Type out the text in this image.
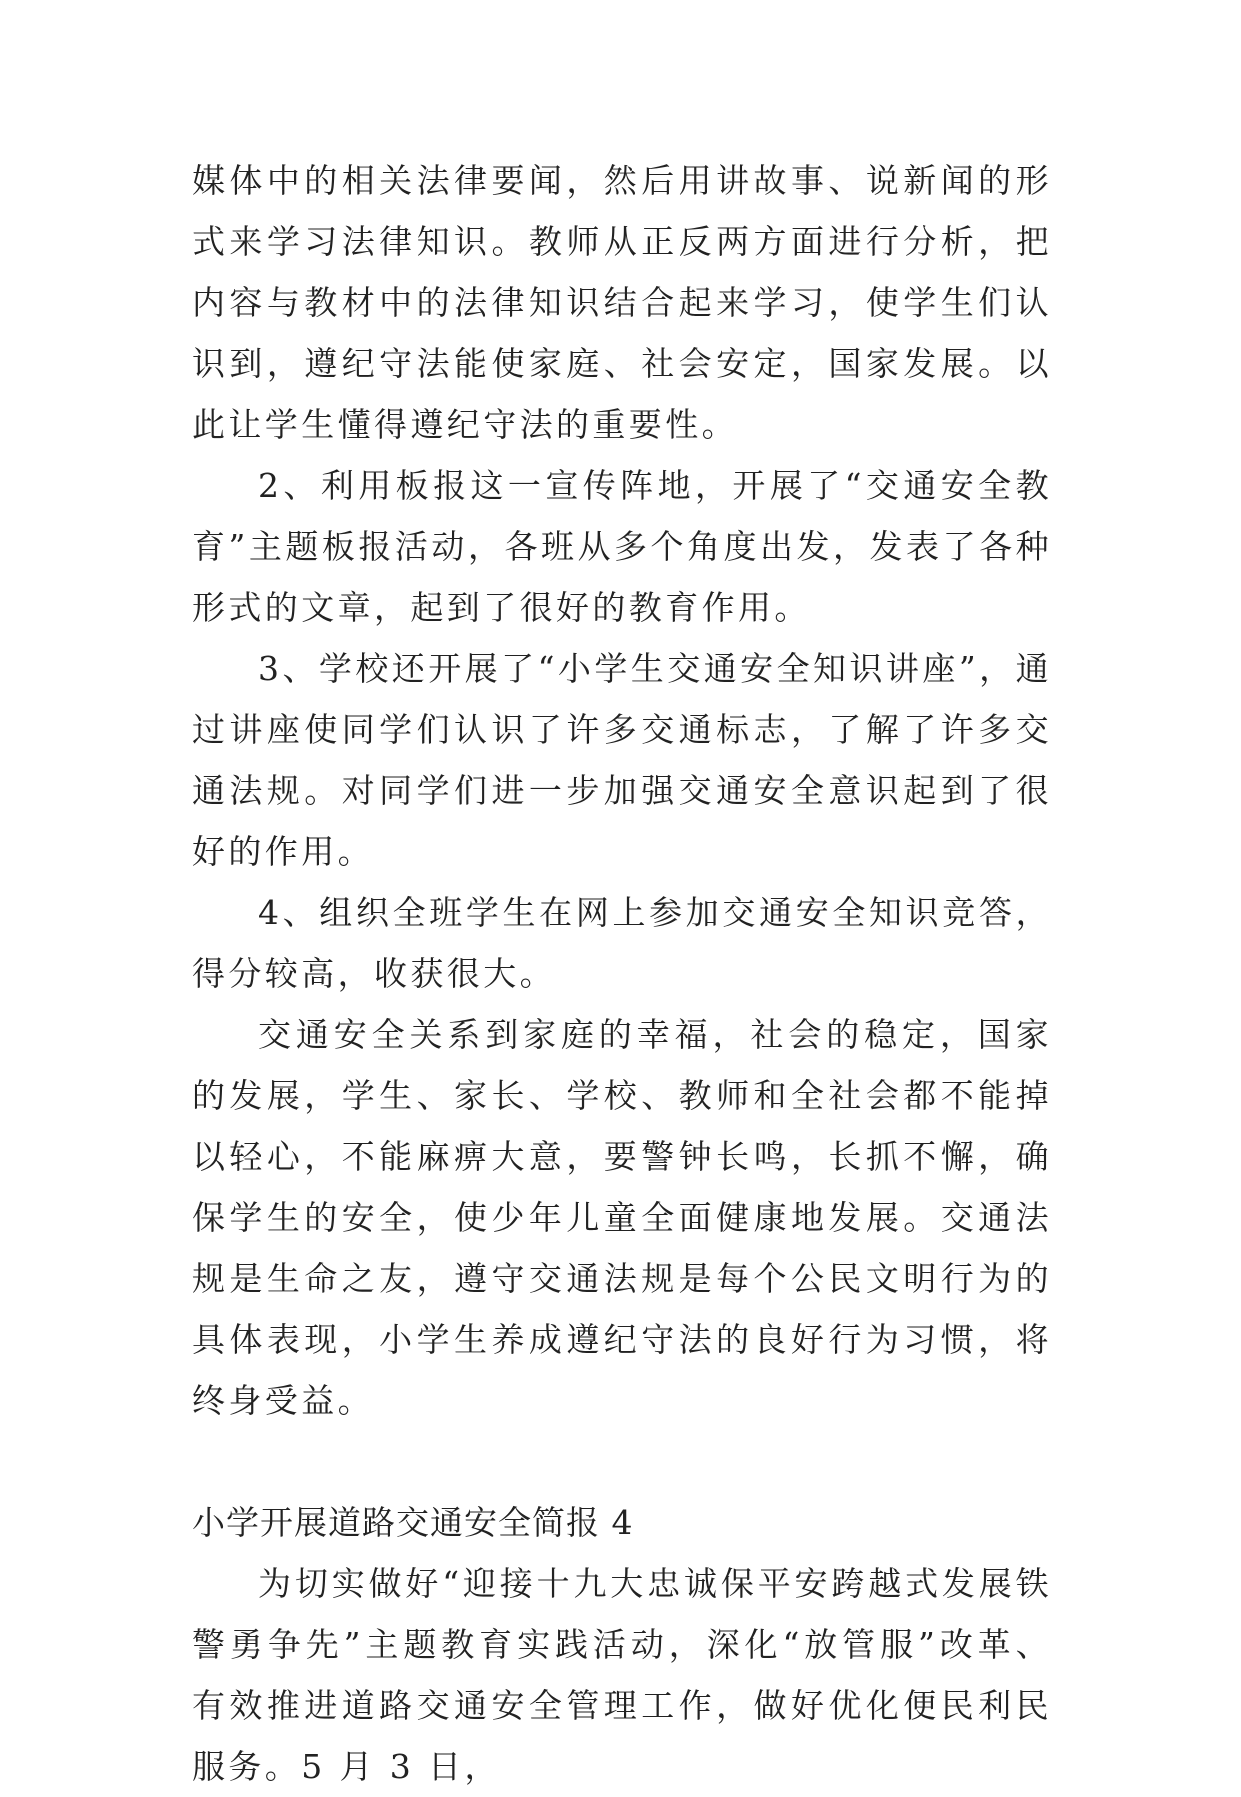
媒体中的相关法律要闻，然后用讲故事、说新闻的形式来学习法律知识。教师从正反两方面进行分析，把内容与教材中的法律知识结合起来学习，使学生们认识到，遵纪守法能使家庭、社会安定，国家发展。以此让学生懂得遵纪守法的重要性。

2、利用板报这一宣传阵地，开展了“交通安全教育”主题板报活动，各班从多个角度出发，发表了各种形式的文章，起到了很好的教育作用。

3、学校还开展了“小学生交通安全知识讲座”，通过讲座使同学们认识了许多交通标志，了解了许多交通法规。对同学们进一步加强交通安全意识起到了很好的作用。

4、组织全班学生在网上参加交通安全知识竞答，得分较高，收获很大。

交通安全关系到家庭的幸福，社会的稳定，国家的发展，学生、家长、学校、教师和全社会都不能掉以轻心，不能麻痹大意，要警钟长鸣，长抓不懈，确保学生的安全，使少年儿童全面健康地发展。交通法规是生命之友，遵守交通法规是每个公民文明行为的具体表现，小学生养成遵纪守法的良好行为习惯，将终身受益。

小学开展道路交通安全简报 4

为切实做好“迎接十九大忠诚保平安跨越式发展铁警勇争先”主题教育实践活动，深化“放管服”改革、有效推进道路交通安全管理工作，做好优化便民利民服务。5 月 3 日，
